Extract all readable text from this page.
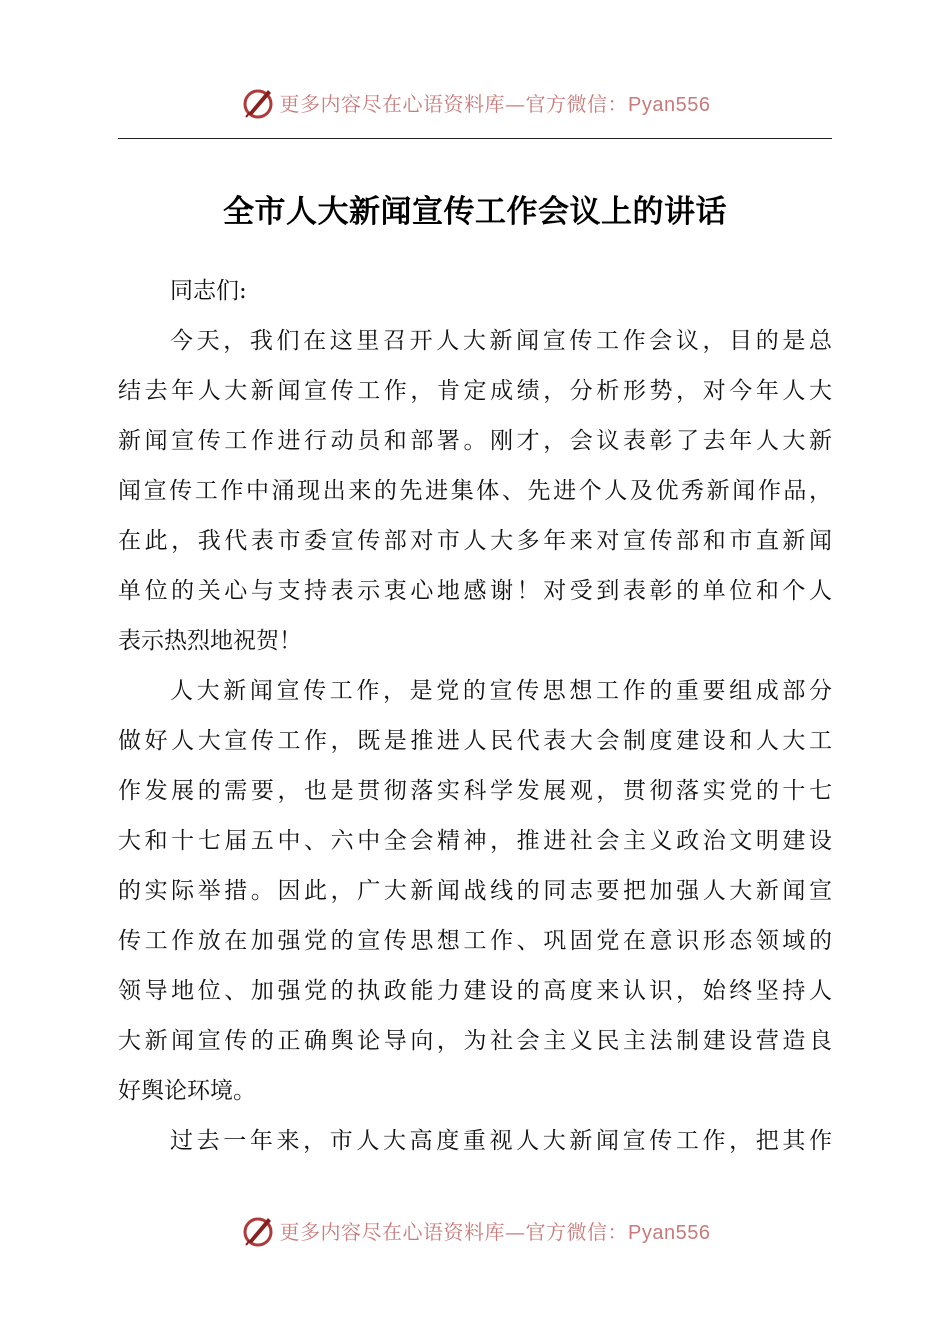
更多内容尽在心语资料库—官方微信：Pyan556
全市人大新闻宣传工作会议上的讲话
同志们:
今天，我们在这里召开人大新闻宣传工作会议，目的是总
结去年人大新闻宣传工作，肯定成绩，分析形势，对今年人大
新闻宣传工作进行动员和部署。刚才，会议表彰了去年人大新
闻宣传工作中涌现出来的先进集体、先进个人及优秀新闻作品，
在此，我代表市委宣传部对市人大多年来对宣传部和市直新闻
单位的关心与支持表示衷心地感谢！对受到表彰的单位和个人
表示热烈地祝贺！
人大新闻宣传工作，是党的宣传思想工作的重要组成部分
做好人大宣传工作，既是推进人民代表大会制度建设和人大工
作发展的需要，也是贯彻落实科学发展观，贯彻落实党的十七
大和十七届五中、六中全会精神，推进社会主义政治文明建设
的实际举措。因此，广大新闻战线的同志要把加强人大新闻宣
传工作放在加强党的宣传思想工作、巩固党在意识形态领域的
领导地位、加强党的执政能力建设的高度来认识，始终坚持人
大新闻宣传的正确舆论导向，为社会主义民主法制建设营造良
好舆论环境。
过去一年来，市人大高度重视人大新闻宣传工作，把其作
更多内容尽在心语资料库—官方微信：Pyan556
